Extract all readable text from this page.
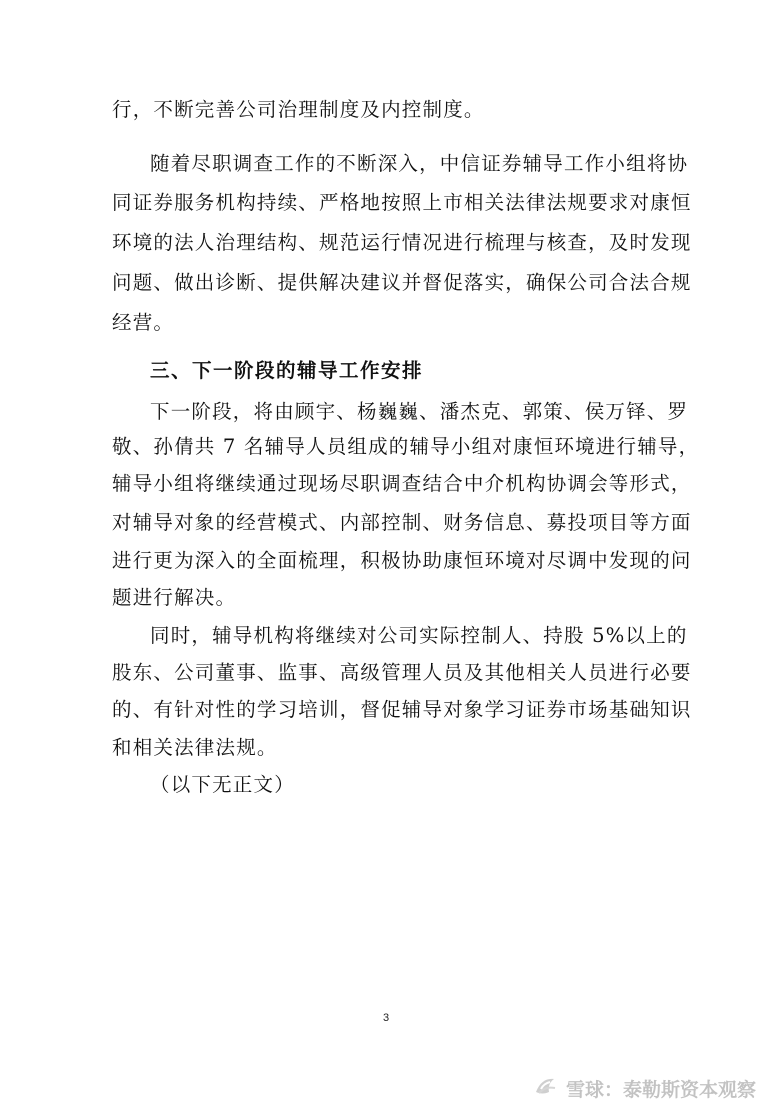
行，不断完善公司治理制度及内控制度。
随着尽职调查工作的不断深入，中信证券辅导工作小组将协
同证券服务机构持续、严格地按照上市相关法律法规要求对康恒
环境的法人治理结构、规范运行情况进行梳理与核查，及时发现
问题、做出诊断、提供解决建议并督促落实，确保公司合法合规
经营。
三、下一阶段的辅导工作安排
下一阶段，将由顾宇、杨巍巍、潘杰克、郭策、侯万铎、罗
敬、孙倩共 7 名辅导人员组成的辅导小组对康恒环境进行辅导，
辅导小组将继续通过现场尽职调查结合中介机构协调会等形式，
对辅导对象的经营模式、内部控制、财务信息、募投项目等方面
进行更为深入的全面梳理，积极协助康恒环境对尽调中发现的问
题进行解决。
同时，辅导机构将继续对公司实际控制人、持股 5%以上的
股东、公司董事、监事、高级管理人员及其他相关人员进行必要
的、有针对性的学习培训，督促辅导对象学习证券市场基础知识
和相关法律法规。
（以下无正文）
3
雪球：泰勒斯资本观察
